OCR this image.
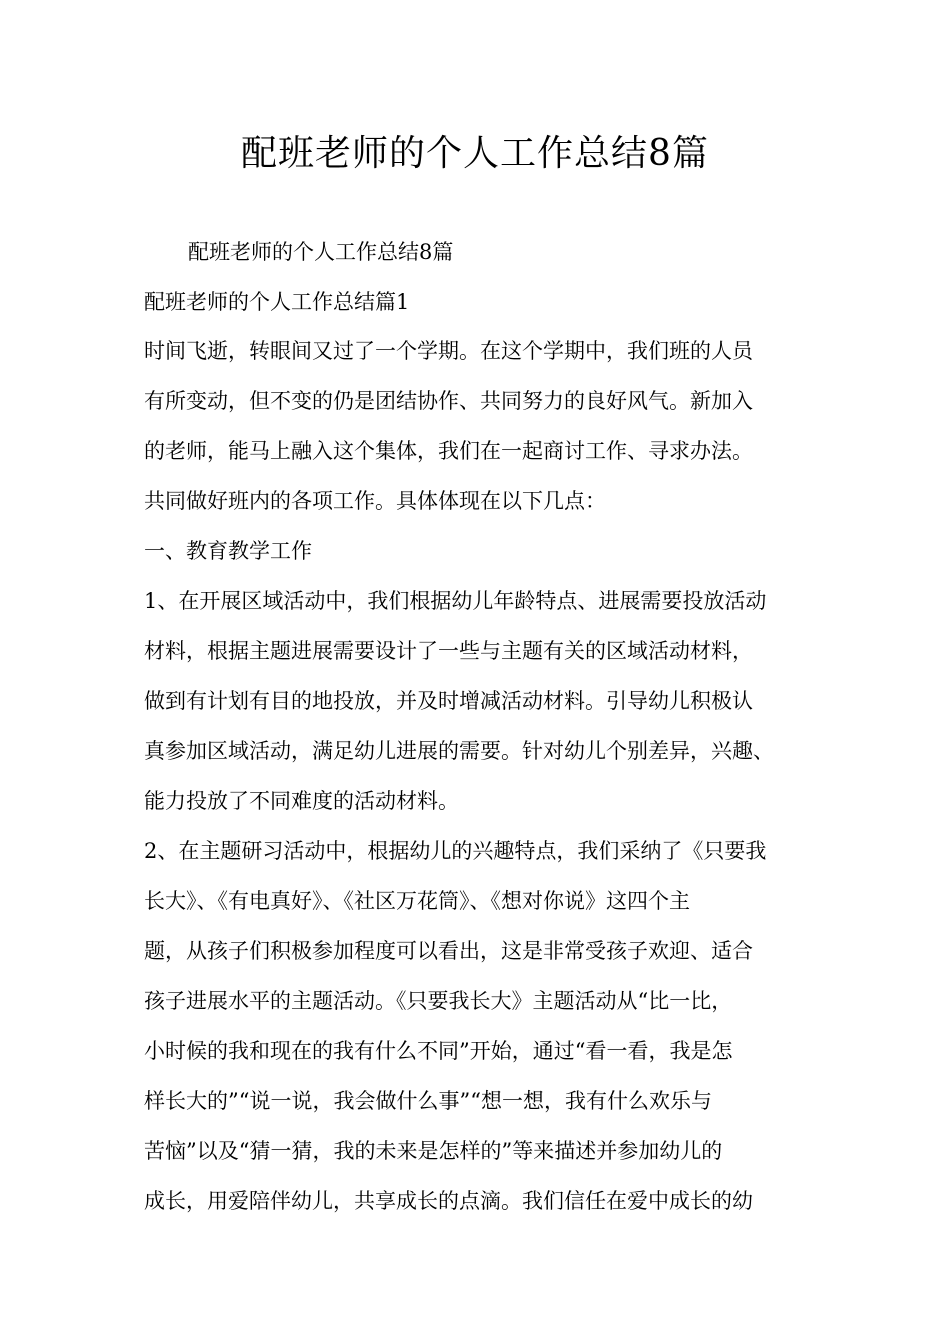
配班老师的个人工作总结8篇

配班老师的个人工作总结8篇

配班老师的个人工作总结篇1

时间飞逝，转眼间又过了一个学期。在这个学期中，我们班的人员

有所变动，但不变的仍是团结协作、共同努力的良好风气。新加入

的老师，能马上融入这个集体，我们在一起商讨工作、寻求办法。

共同做好班内的各项工作。具体体现在以下几点：

一、教育教学工作

1、在开展区域活动中，我们根据幼儿年龄特点、进展需要投放活动

材料，根据主题进展需要设计了一些与主题有关的区域活动材料，

做到有计划有目的地投放，并及时增减活动材料。引导幼儿积极认

真参加区域活动，满足幼儿进展的需要。针对幼儿个别差异，兴趣、

能力投放了不同难度的活动材料。

2、在主题研习活动中，根据幼儿的兴趣特点，我们采纳了《只要我

长大》、《有电真好》、《社区万花筒》、《想对你说》这四个主

题，从孩子们积极参加程度可以看出，这是非常受孩子欢迎、适合

孩子进展水平的主题活动。《只要我长大》主题活动从“比一比，

小时候的我和现在的我有什么不同”开始，通过“看一看，我是怎

样长大的”“说一说，我会做什么事”“想一想，我有什么欢乐与

苦恼”以及“猜一猜，我的未来是怎样的”等来描述并参加幼儿的

成长，用爱陪伴幼儿，共享成长的点滴。我们信任在爱中成长的幼
